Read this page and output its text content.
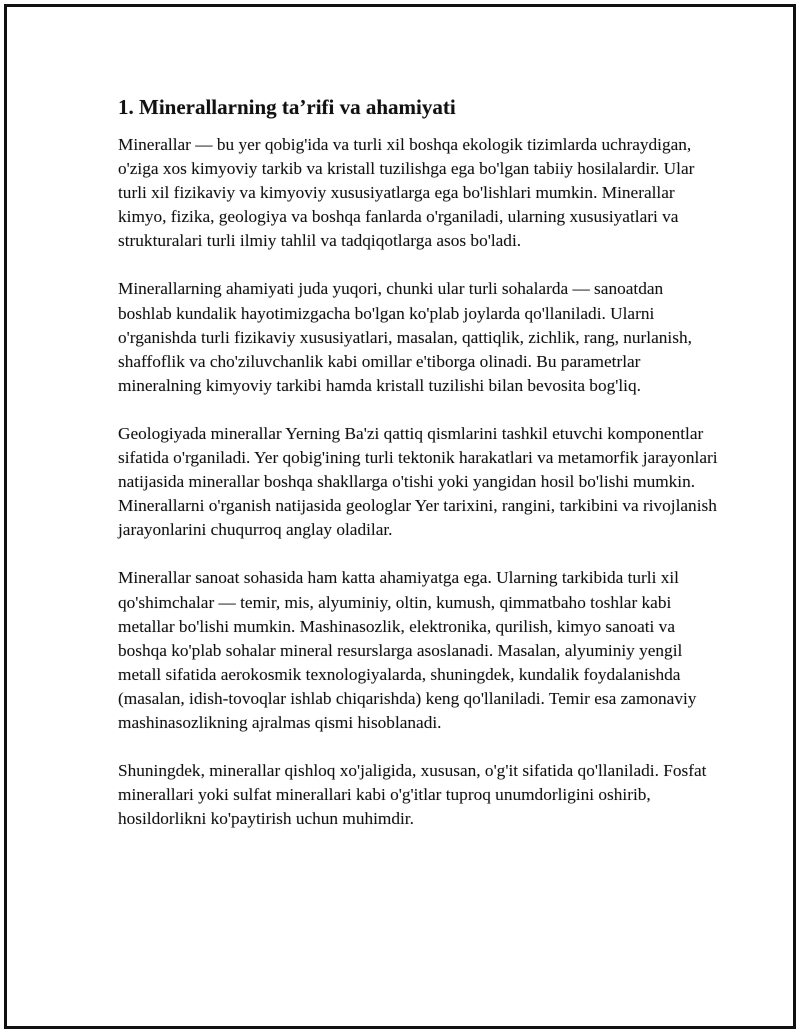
1. Minerallarning ta’rifi va ahamiyati

Minerallar — bu yer qobig'ida va turli xil boshqa ekologik tizimlarda uchraydigan, o'ziga xos kimyoviy tarkib va kristall tuzilishga ega bo'lgan tabiiy hosilalardir. Ular turli xil fizikaviy va kimyoviy xususiyatlarga ega bo'lishlari mumkin. Minerallar kimyo, fizika, geologiya va boshqa fanlarda o'rganiladi, ularning xususiyatlari va strukturalari turli ilmiy tahlil va tadqiqotlarga asos bo'ladi.

Minerallarning ahamiyati juda yuqori, chunki ular turli sohalarda — sanoatdan boshlab kundalik hayotimizgacha bo'lgan ko'plab joylarda qo'llaniladi. Ularni o'rganishda turli fizikaviy xususiyatlari, masalan, qattiqlik, zichlik, rang, nurlanish, shaffoflik va cho'ziluvchanlik kabi omillar e'tiborga olinadi. Bu parametrlar mineralning kimyoviy tarkibi hamda kristall tuzilishi bilan bevosita bog'liq.

Geologiyada minerallar Yerning Ba'zi qattiq qismlarini tashkil etuvchi komponentlar sifatida o'rganiladi. Yer qobig'ining turli tektonik harakatlari va metamorfik jarayonlari natijasida minerallar boshqa shakllarga o'tishi yoki yangidan hosil bo'lishi mumkin. Minerallarni o'rganish natijasida geologlar Yer tarixini, rangini, tarkibini va rivojlanish jarayonlarini chuqurroq anglay oladilar.

Minerallar sanoat sohasida ham katta ahamiyatga ega. Ularning tarkibida turli xil qo'shimchalar — temir, mis, alyuminiy, oltin, kumush, qimmatbaho toshlar kabi metallar bo'lishi mumkin. Mashinasozlik, elektronika, qurilish, kimyo sanoati va boshqa ko'plab sohalar mineral resurslarga asoslanadi. Masalan, alyuminiy yengil metall sifatida aerokosmik texnologiyalarda, shuningdek, kundalik foydalanishda (masalan, idish-tovoqlar ishlab chiqarishda) keng qo'llaniladi. Temir esa zamonaviy mashinasozlikning ajralmas qismi hisoblanadi.

Shuningdek, minerallar qishloq xo'jaligida, xususan, o'g'it sifatida qo'llaniladi. Fosfat minerallari yoki sulfat minerallari kabi o'g'itlar tuproq unumdorligini oshirib, hosildorlikni ko'paytirish uchun muhimdir.
